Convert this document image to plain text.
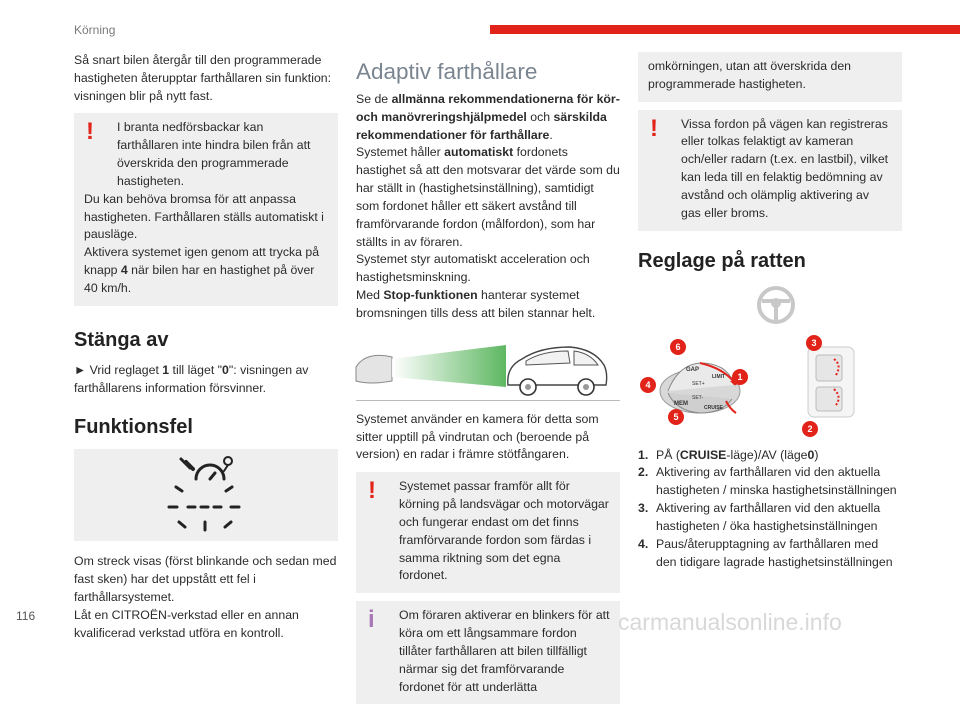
Körning

Så snart bilen återgår till den programmerade hastigheten återupptar farthållaren sin funktion: visningen blir på nytt fast.

!	I branta nedförsbackar kan farthållaren inte hindra bilen från att överskrida den programmerade hastigheten.

Du kan behöva bromsa för att anpassa hastigheten. Farthållaren ställs automatiskt i pausläge.

Aktivera systemet igen genom att trycka på knapp 4 när bilen har en hastighet på över 40 km/h.

Stänga av

► Vrid reglaget 1 till läget "0": visningen av farthållarens information försvinner.

Funktionsfel

Om streck visas (först blinkande och sedan med fast sken) har det uppstått ett fel i farthållarsystemet.

Låt en CITROËN-verkstad eller en annan kvalificerad verkstad utföra en kontroll.

Adaptiv farthållare

Se de allmänna rekommendationerna för kör- och manövreringshjälpmedel och särskilda rekommendationer för farthållare.

Systemet håller automatiskt fordonets hastighet så att den motsvarar det värde som du har ställt in (hastighetsinställning), samtidigt som fordonet håller ett säkert avstånd till framförvarande fordon (målfordon), som har ställts in av föraren.

Systemet styr automatiskt acceleration och hastighetsminskning.

Med Stop-funktionen hanterar systemet bromsningen tills dess att bilen stannar helt.

Systemet använder en kamera för detta som sitter upptill på vindrutan och (beroende på version) en radar i främre stötfångaren.

!	Systemet passar framför allt för körning på landsvägar och motorvägar och fungerar endast om det finns framförvarande fordon som färdas i samma riktning som det egna fordonet.

i	Om föraren aktiverar en blinkers för att köra om ett långsammare fordon tillåter farthållaren att bilen tillfälligt närmar sig det framförvarande fordonet för att underlätta

omkörningen, utan att överskrida den programmerade hastigheten.

!	Vissa fordon på vägen kan registreras eller tolkas felaktigt av kameran och/eller radarn (t.ex. en lastbil), vilket kan leda till en felaktig bedömning av avstånd och olämplig aktivering av gas eller broms.

Reglage på ratten
GAP
LIMIT
SET+
SET-
CRUISE
MEM
1
2
3
4
5
6
1. PÅ (CRUISE-läge)/AV (läge0)
2. Aktivering av farthållaren vid den aktuella hastigheten / minska hastighetsinställningen
3. Aktivering av farthållaren vid den aktuella hastigheten / öka hastighetsinställningen
4. Paus/återupptagning av farthållaren med den tidigare lagrade hastighetsinställningen
116	carmanualsonline.info
